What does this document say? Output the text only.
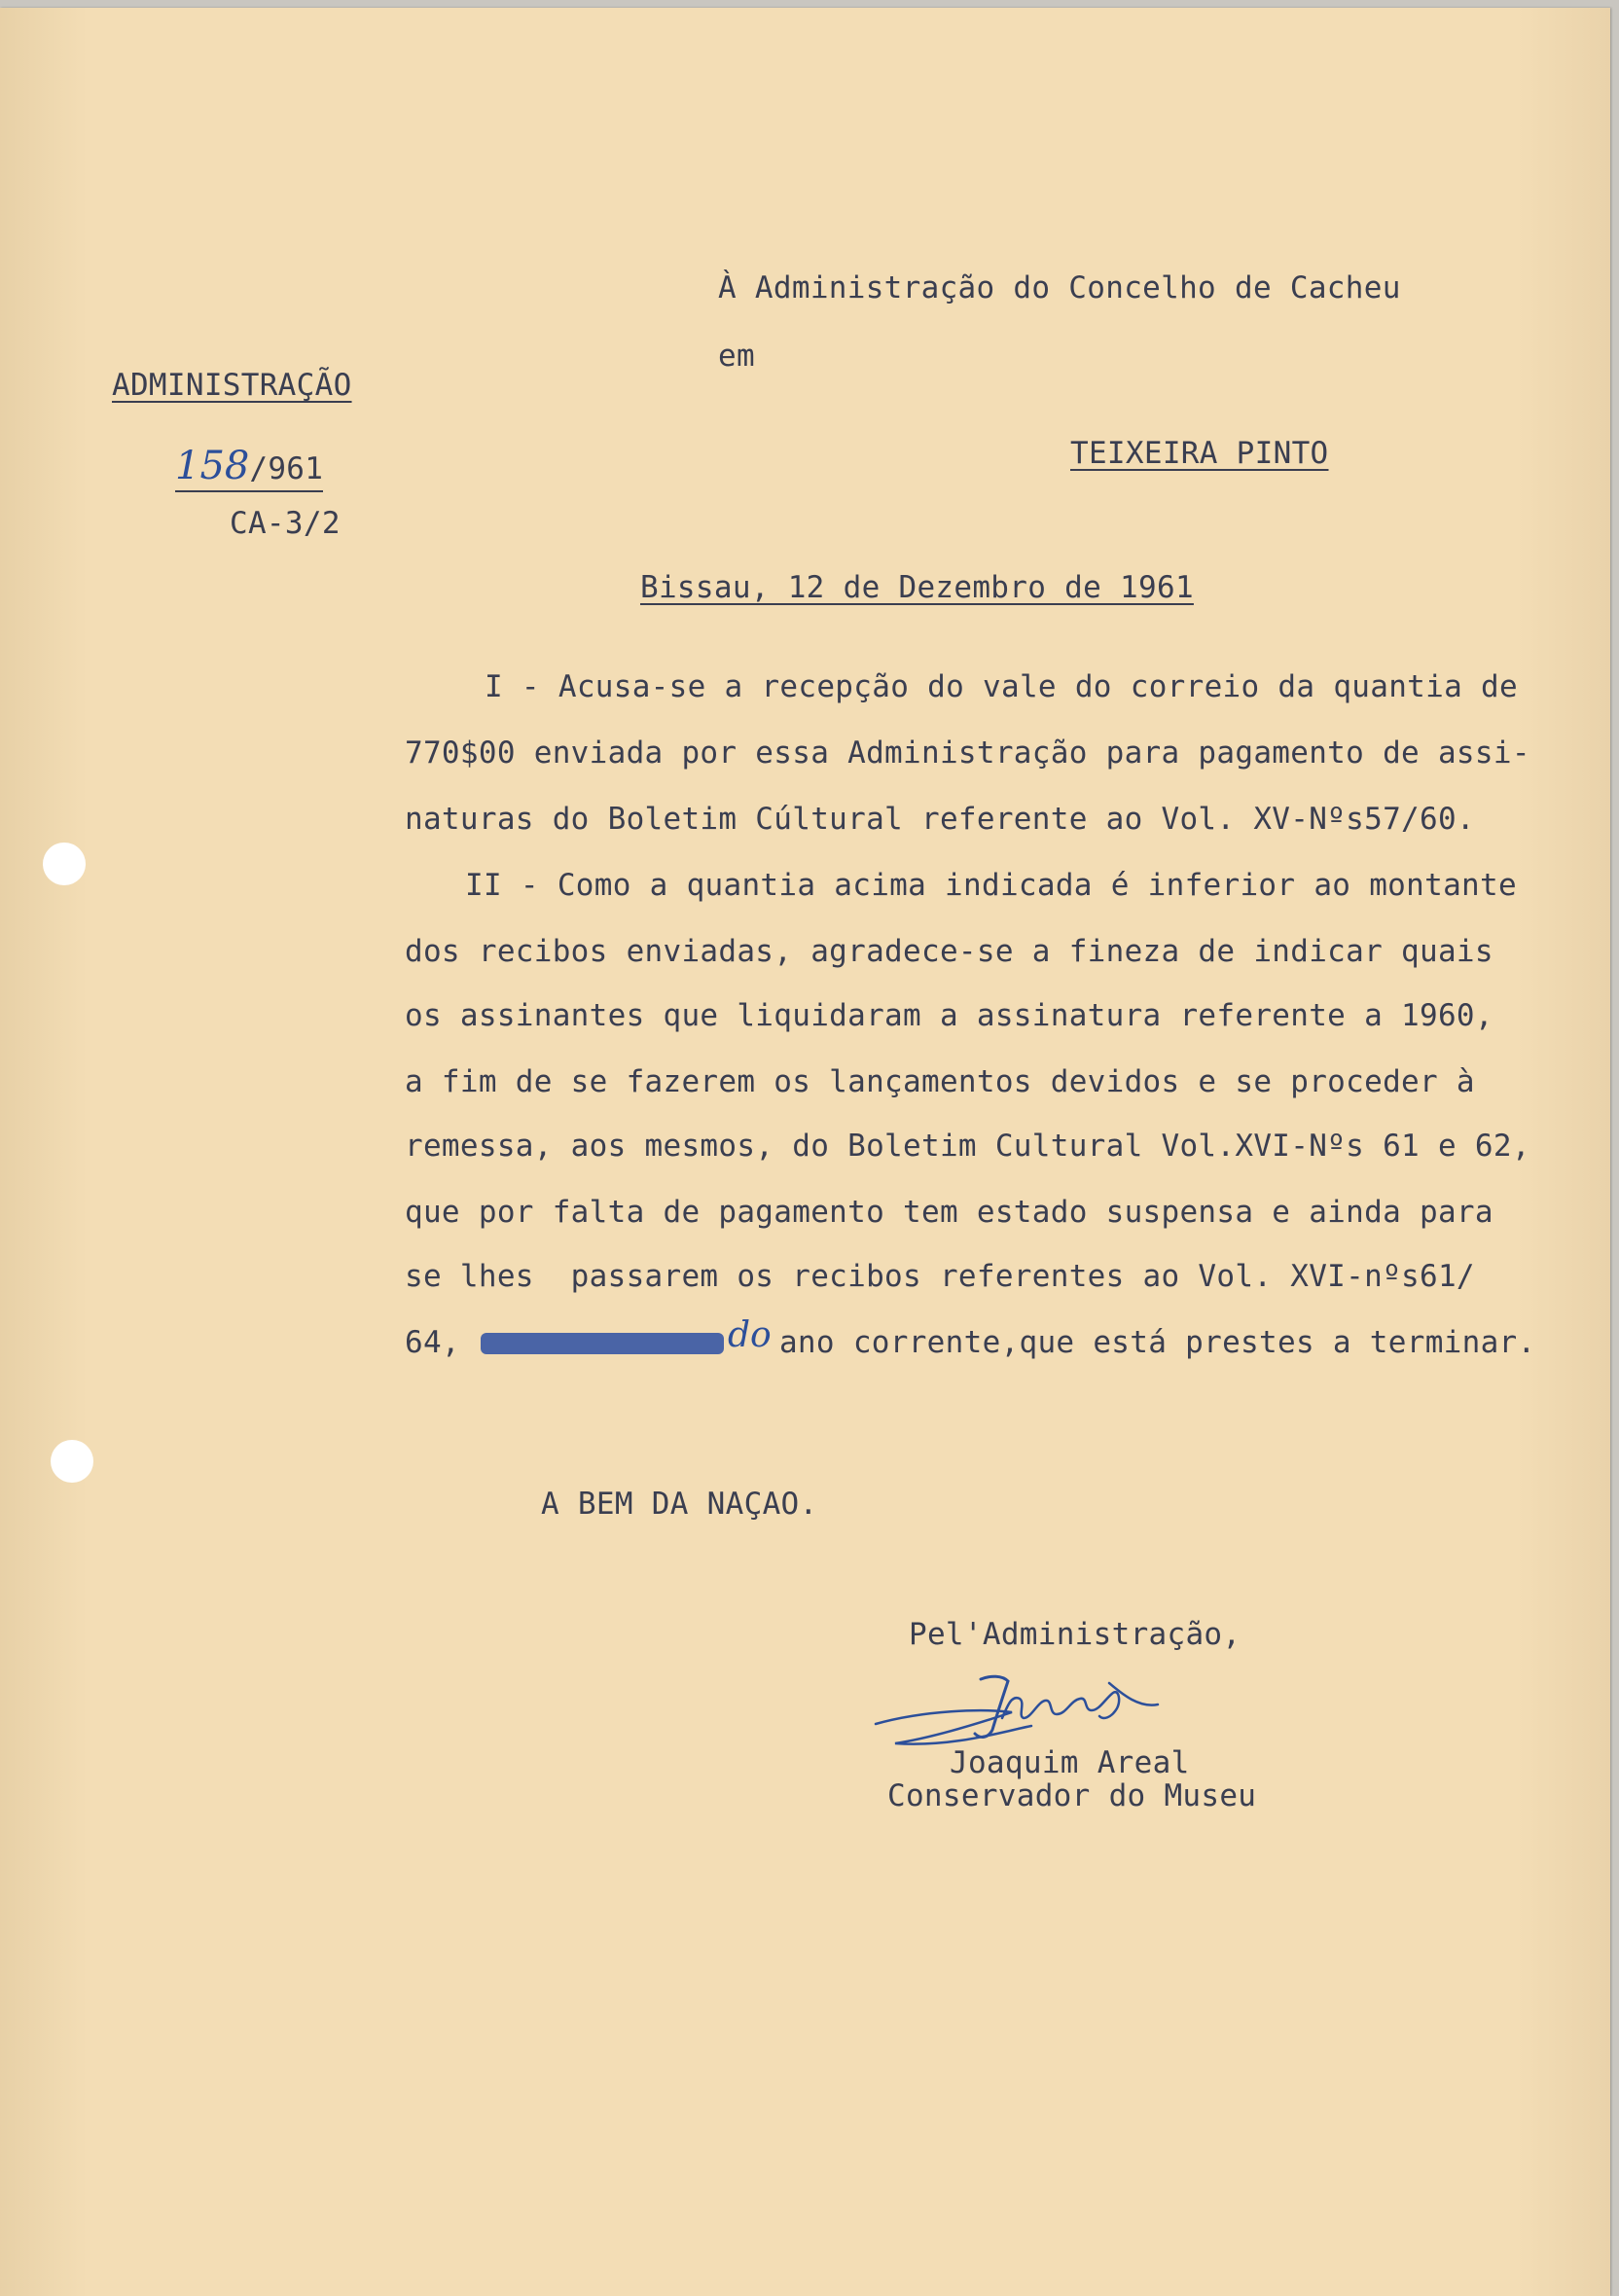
À Administração do Concelho de Cacheu
em
TEIXEIRA PINTO
ADMINISTRAÇÃO
158/961
CA-3/2
Bissau, 12 de Dezembro de 1961
I - Acusa-se a recepção do vale do correio da quantia de
770$00 enviada por essa Administração para pagamento de assi-
naturas do Boletim Cúltural referente ao Vol. XV-Nºs57/60.
II - Como a quantia acima indicada é inferior ao montante
dos recibos enviadas, agradece-se a fineza de indicar quais
os assinantes que liquidaram a assinatura referente a 1960,
a fim de se fazerem os lançamentos devidos e se proceder à
remessa, aos mesmos, do Boletim Cultural Vol.XVI-Nºs 61 e 62,
que por falta de pagamento tem estado suspensa e ainda para
se lhes  passarem os recibos referentes ao Vol. XVI-nºs61/
64,	do
ano corrente,que está prestes a terminar.
A BEM DA NAÇAO.
Pel'Administração,
Joaquim Areal
Conservador do Museu
